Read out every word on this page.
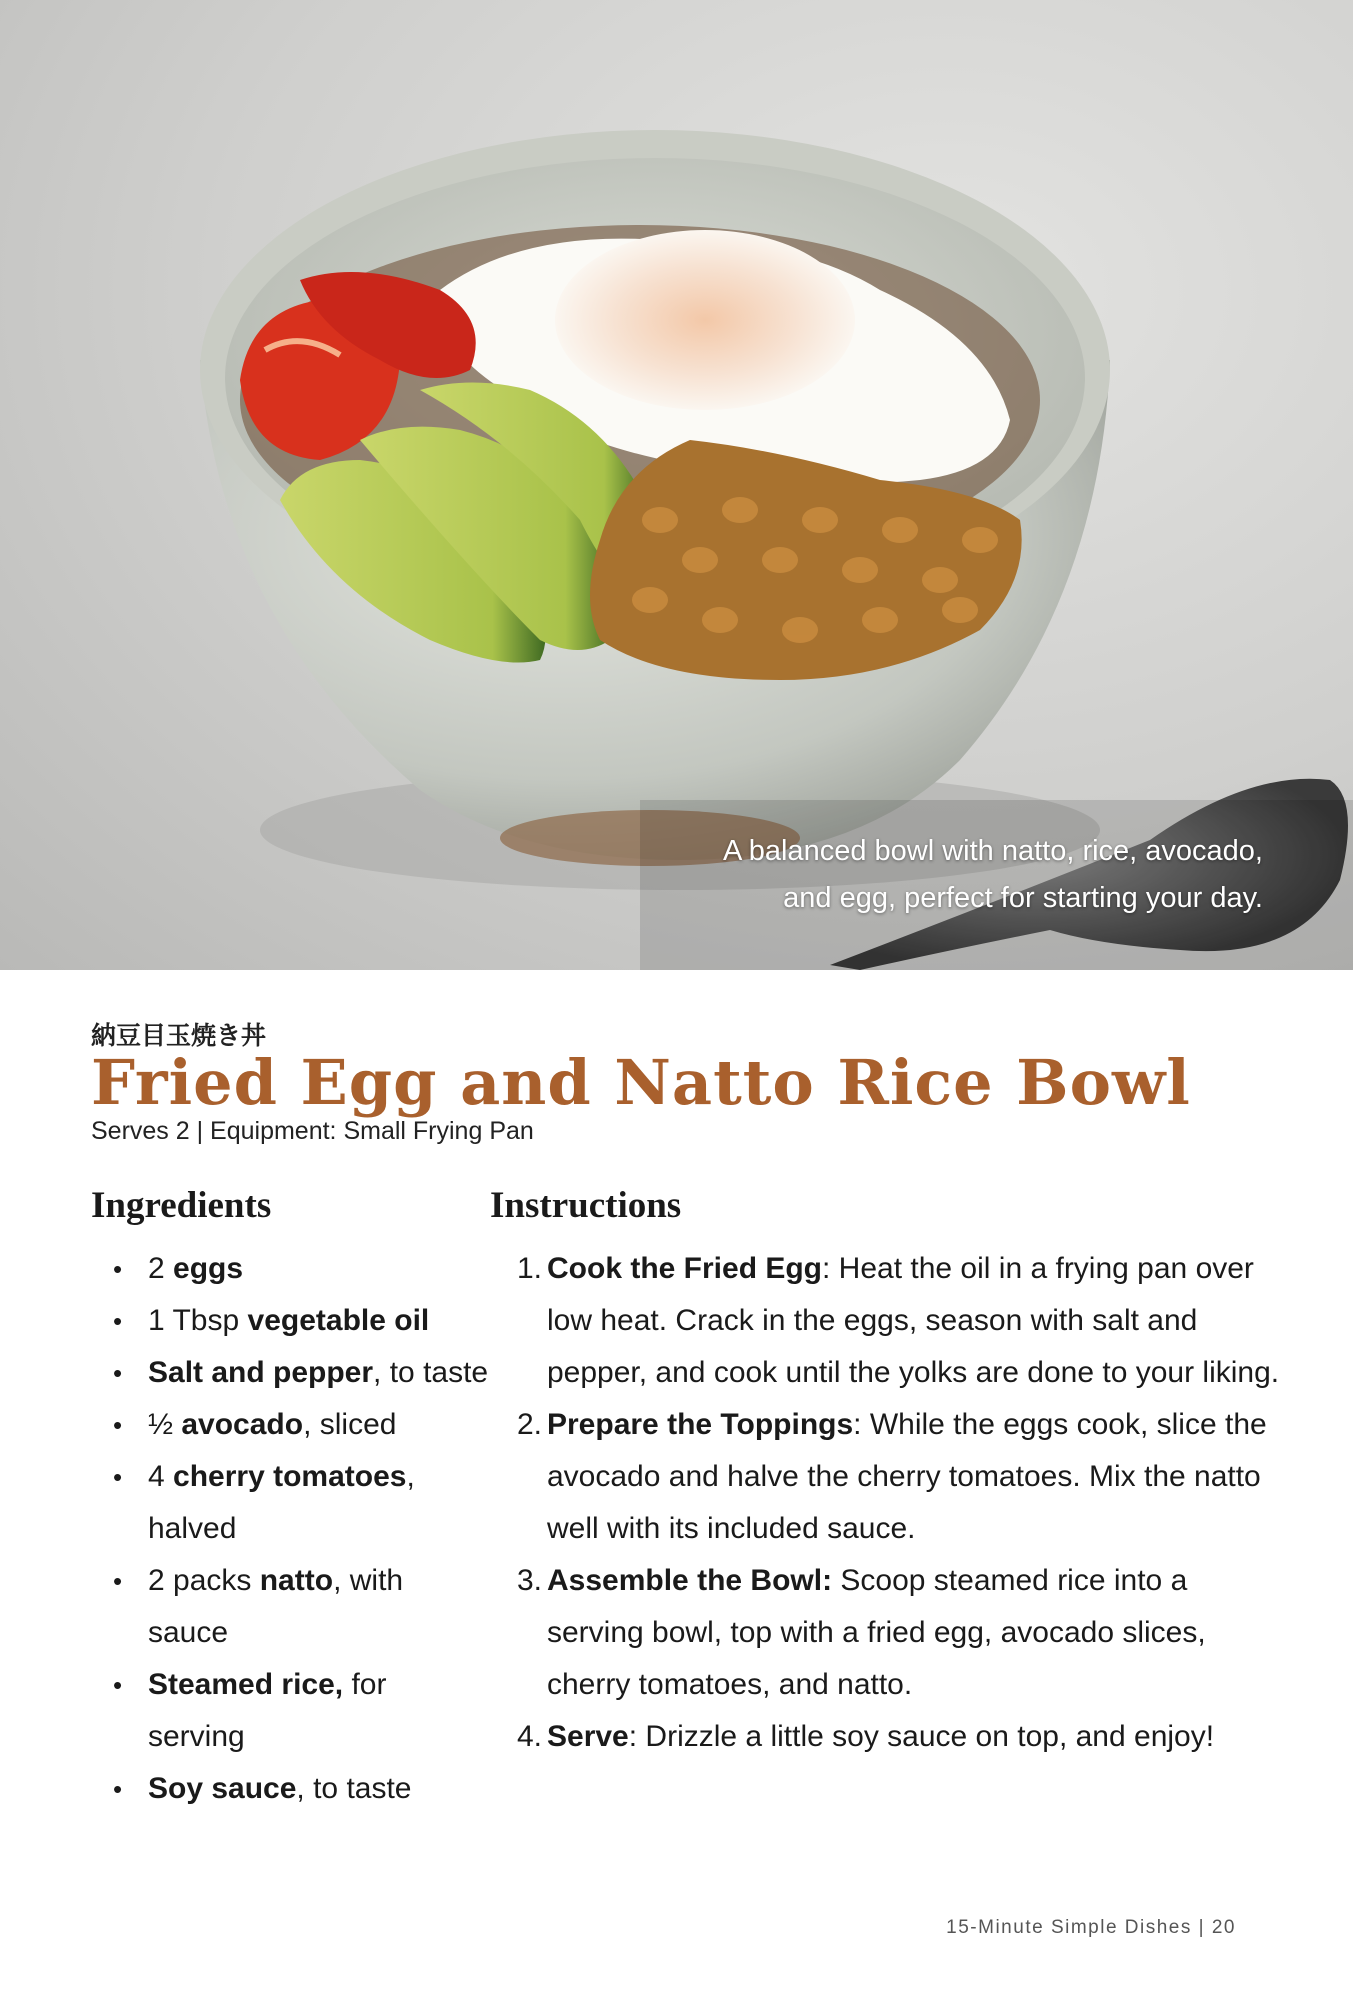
A balanced bowl with natto, rice, avocado,
and egg, perfect for starting your day.
納豆目玉焼き丼
Fried Egg and Natto Rice Bowl
Serves 2 | Equipment: Small Frying Pan
Ingredients
• 2 eggs
• 1 Tbsp vegetable oil
• Salt and pepper, to taste
• ½ avocado, sliced
• 4 cherry tomatoes, halved
• 2 packs natto, with sauce
• Steamed rice, for serving
• Soy sauce, to taste
Instructions
1. Cook the Fried Egg: Heat the oil in a frying pan over low heat. Crack in the eggs, season with salt and pepper, and cook until the yolks are done to your liking.
2. Prepare the Toppings: While the eggs cook, slice the avocado and halve the cherry tomatoes. Mix the natto well with its included sauce.
3. Assemble the Bowl: Scoop steamed rice into a serving bowl, top with a fried egg, avocado slices, cherry tomatoes, and natto.
4. Serve: Drizzle a little soy sauce on top, and enjoy!
15-Minute Simple Dishes | 20
